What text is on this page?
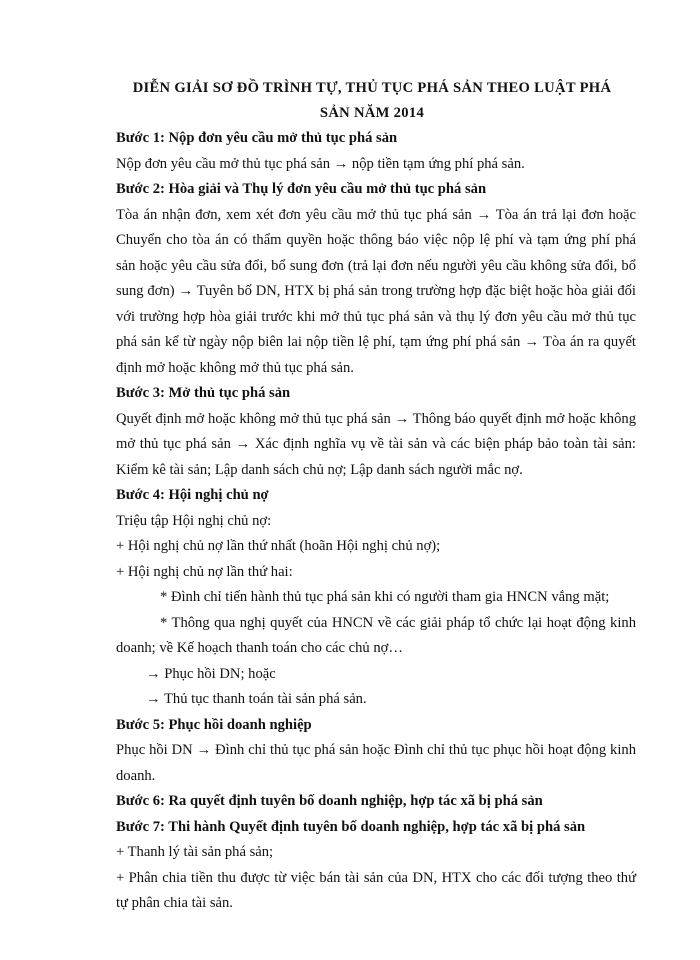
DIỄN GIẢI SƠ ĐỒ TRÌNH TỰ, THỦ TỤC PHÁ SẢN THEO LUẬT PHÁ
SẢN NĂM 2014

Bước 1: Nộp đơn yêu cầu mở thủ tục phá sản

Nộp đơn yêu cầu mở thủ tục phá sản → nộp tiền tạm ứng phí phá sản.

Bước 2: Hòa giải và Thụ lý đơn yêu cầu mở thủ tục phá sản

Tòa án nhận đơn, xem xét đơn yêu cầu mở thủ tục phá sản → Tòa án trả lại đơn hoặc Chuyển cho tòa án có thẩm quyền hoặc thông báo việc nộp lệ phí và tạm ứng phí phá sản hoặc yêu cầu sửa đổi, bổ sung đơn (trả lại đơn nếu người yêu cầu không sửa đổi, bổ sung đơn) → Tuyên bố DN, HTX bị phá sản trong trường hợp đặc biệt hoặc hòa giải đối với trường hợp hòa giải trước khi mở thủ tục phá sản và thụ lý đơn yêu cầu mở thủ tục phá sản kể từ ngày nộp biên lai nộp tiền lệ phí, tạm ứng phí phá sản → Tòa án ra quyết định mở hoặc không mở thủ tục phá sản.

Bước 3: Mở thủ tục phá sản

Quyết định mở hoặc không mở thủ tục phá sản → Thông báo quyết định mở hoặc không mở thủ tục phá sản → Xác định nghĩa vụ về tài sản và các biện pháp bảo toàn tài sản: Kiểm kê tài sản; Lập danh sách chủ nợ; Lập danh sách người mắc nợ.

Bước 4: Hội nghị chủ nợ

Triệu tập Hội nghị chủ nợ:

+ Hội nghị chủ nợ lần thứ nhất (hoãn Hội nghị chủ nợ);

+ Hội nghị chủ nợ lần thứ hai:

* Đình chỉ tiến hành thủ tục phá sản khi có người tham gia HNCN vắng mặt;

* Thông qua nghị quyết của HNCN về các giải pháp tổ chức lại hoạt động kinh doanh; về Kế hoạch thanh toán cho các chủ nợ…

→ Phục hồi DN; hoặc

→ Thủ tục thanh toán tài sản phá sản.

Bước 5: Phục hồi doanh nghiệp

Phục hồi DN → Đình chỉ thủ tục phá sản hoặc Đình chỉ thủ tục phục hồi hoạt động kinh doanh.

Bước 6: Ra quyết định tuyên bố doanh nghiệp, hợp tác xã bị phá sản

Bước 7: Thi hành Quyết định tuyên bố doanh nghiệp, hợp tác xã bị phá sản

+ Thanh lý tài sản phá sản;

+ Phân chia tiền thu được từ việc bán tài sản của DN, HTX cho các đối tượng theo thứ tự phân chia tài sản.
